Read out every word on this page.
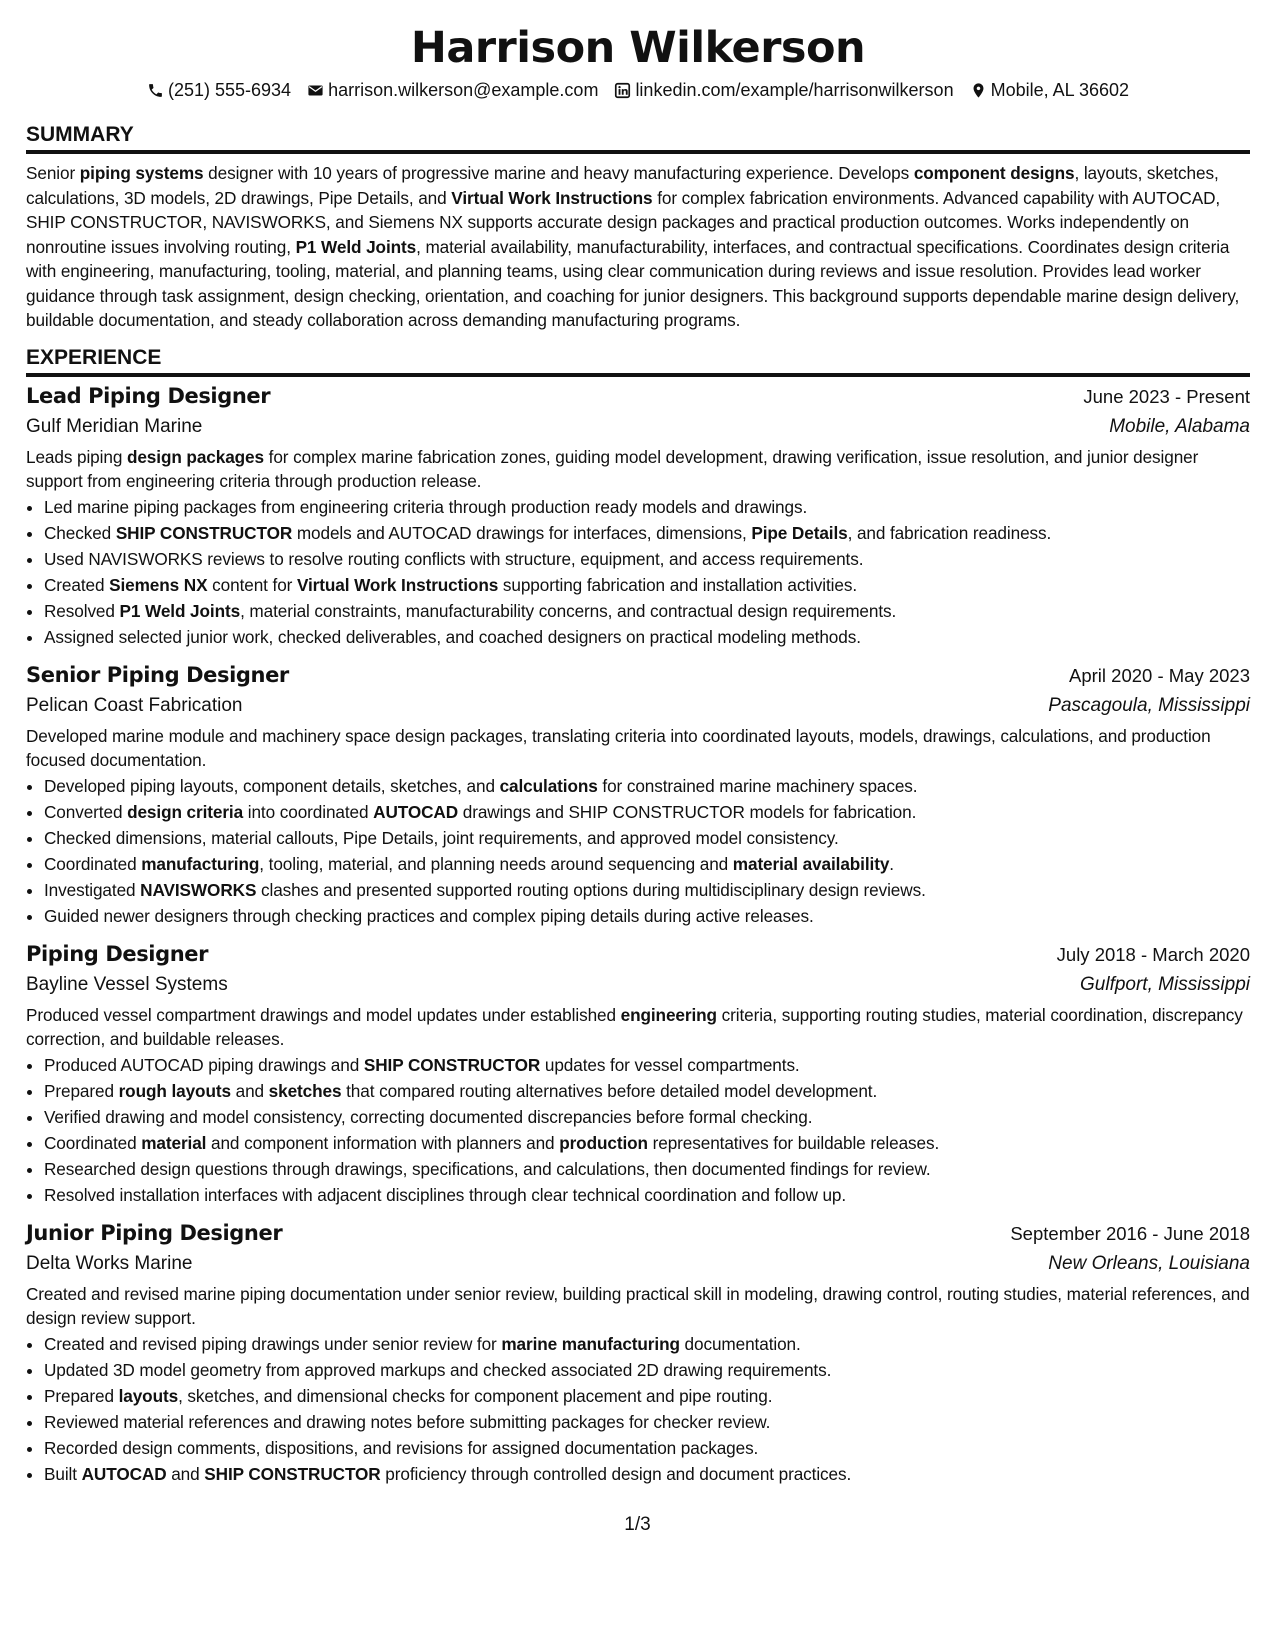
Harrison Wilkerson
(251) 555-6934 harrison.wilkerson@example.com linkedin.com/example/harrisonwilkerson Mobile, AL 36602
SUMMARY
Senior piping systems designer with 10 years of progressive marine and heavy manufacturing experience. Develops component designs, layouts, sketches, calculations, 3D models, 2D drawings, Pipe Details, and Virtual Work Instructions for complex fabrication environments. Advanced capability with AUTOCAD, SHIP CONSTRUCTOR, NAVISWORKS, and Siemens NX supports accurate design packages and practical production outcomes. Works independently on nonroutine issues involving routing, P1 Weld Joints, material availability, manufacturability, interfaces, and contractual specifications. Coordinates design criteria with engineering, manufacturing, tooling, material, and planning teams, using clear communication during reviews and issue resolution. Provides lead worker guidance through task assignment, design checking, orientation, and coaching for junior designers. This background supports dependable marine design delivery, buildable documentation, and steady collaboration across demanding manufacturing programs.
EXPERIENCE
Lead Piping Designer	June 2023 - Present
Gulf Meridian Marine	Mobile, Alabama
Leads piping design packages for complex marine fabrication zones, guiding model development, drawing verification, issue resolution, and junior designer support from engineering criteria through production release.
• Led marine piping packages from engineering criteria through production ready models and drawings.
• Checked SHIP CONSTRUCTOR models and AUTOCAD drawings for interfaces, dimensions, Pipe Details, and fabrication readiness.
• Used NAVISWORKS reviews to resolve routing conflicts with structure, equipment, and access requirements.
• Created Siemens NX content for Virtual Work Instructions supporting fabrication and installation activities.
• Resolved P1 Weld Joints, material constraints, manufacturability concerns, and contractual design requirements.
• Assigned selected junior work, checked deliverables, and coached designers on practical modeling methods.
Senior Piping Designer	April 2020 - May 2023
Pelican Coast Fabrication	Pascagoula, Mississippi
Developed marine module and machinery space design packages, translating criteria into coordinated layouts, models, drawings, calculations, and production focused documentation.
• Developed piping layouts, component details, sketches, and calculations for constrained marine machinery spaces.
• Converted design criteria into coordinated AUTOCAD drawings and SHIP CONSTRUCTOR models for fabrication.
• Checked dimensions, material callouts, Pipe Details, joint requirements, and approved model consistency.
• Coordinated manufacturing, tooling, material, and planning needs around sequencing and material availability.
• Investigated NAVISWORKS clashes and presented supported routing options during multidisciplinary design reviews.
• Guided newer designers through checking practices and complex piping details during active releases.
Piping Designer	July 2018 - March 2020
Bayline Vessel Systems	Gulfport, Mississippi
Produced vessel compartment drawings and model updates under established engineering criteria, supporting routing studies, material coordination, discrepancy correction, and buildable releases.
• Produced AUTOCAD piping drawings and SHIP CONSTRUCTOR updates for vessel compartments.
• Prepared rough layouts and sketches that compared routing alternatives before detailed model development.
• Verified drawing and model consistency, correcting documented discrepancies before formal checking.
• Coordinated material and component information with planners and production representatives for buildable releases.
• Researched design questions through drawings, specifications, and calculations, then documented findings for review.
• Resolved installation interfaces with adjacent disciplines through clear technical coordination and follow up.
Junior Piping Designer	September 2016 - June 2018
Delta Works Marine	New Orleans, Louisiana
Created and revised marine piping documentation under senior review, building practical skill in modeling, drawing control, routing studies, material references, and design review support.
• Created and revised piping drawings under senior review for marine manufacturing documentation.
• Updated 3D model geometry from approved markups and checked associated 2D drawing requirements.
• Prepared layouts, sketches, and dimensional checks for component placement and pipe routing.
• Reviewed material references and drawing notes before submitting packages for checker review.
• Recorded design comments, dispositions, and revisions for assigned documentation packages.
• Built AUTOCAD and SHIP CONSTRUCTOR proficiency through controlled design and document practices.
1/3
